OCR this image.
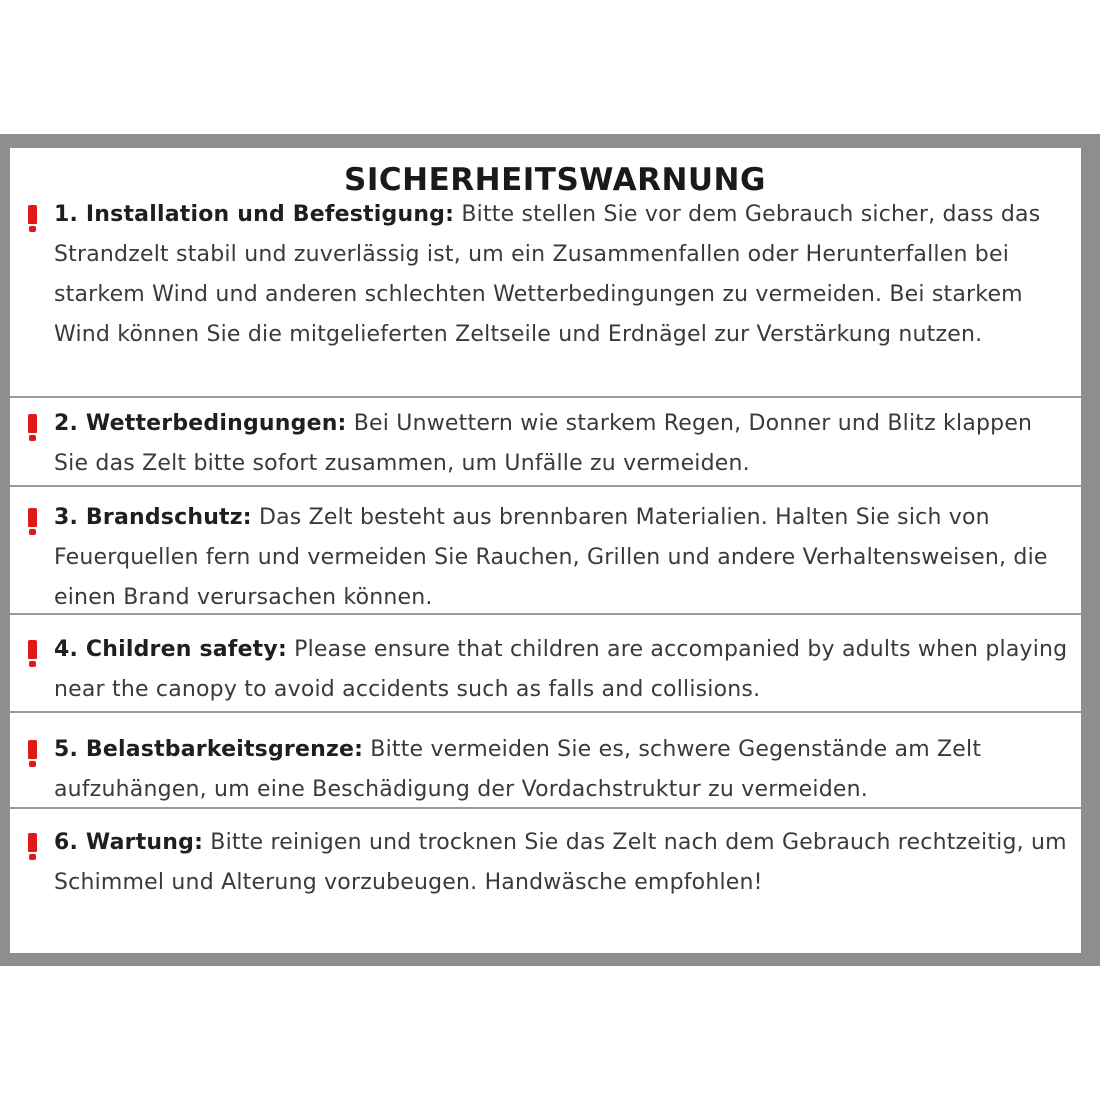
SICHERHEITSWARNUNG
1. Installation und Befestigung: Bitte stellen Sie vor dem Gebrauch sicher, dass das Strandzelt stabil und zuverlässig ist, um ein Zusammenfallen oder Herunterfallen bei starkem Wind und anderen schlechten Wetterbedingungen zu vermeiden. Bei starkem Wind können Sie die mitgelieferten Zeltseile und Erdnägel zur Verstärkung nutzen.
2. Wetterbedingungen: Bei Unwettern wie starkem Regen, Donner und Blitz klappen Sie das Zelt bitte sofort zusammen, um Unfälle zu vermeiden.
3. Brandschutz: Das Zelt besteht aus brennbaren Materialien. Halten Sie sich von Feuerquellen fern und vermeiden Sie Rauchen, Grillen und andere Verhaltensweisen, die einen Brand verursachen können.
4. Children safety: Please ensure that children are accompanied by adults when playing near the canopy to avoid accidents such as falls and collisions.
5. Belastbarkeitsgrenze: Bitte vermeiden Sie es, schwere Gegenstände am Zelt aufzuhängen, um eine Beschädigung der Vordachstruktur zu vermeiden.
6. Wartung: Bitte reinigen und trocknen Sie das Zelt nach dem Gebrauch rechtzeitig, um Schimmel und Alterung vorzubeugen. Handwäsche empfohlen!
